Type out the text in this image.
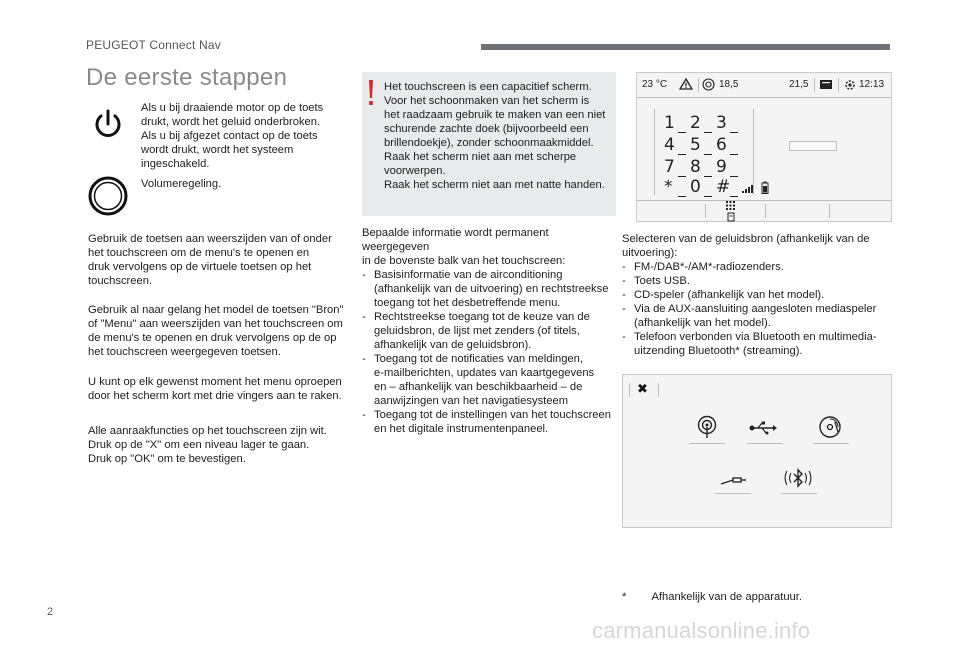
PEUGEOT Connect Nav
De eerste stappen
Als u bij draaiende motor op de toets
drukt, wordt het geluid onderbroken.
Als u bij afgezet contact op de toets
wordt drukt, wordt het systeem
ingeschakeld.
Volumeregeling.
Gebruik de toetsen aan weerszijden van of onder
het touchscreen om de menu's te openen en
druk vervolgens op de virtuele toetsen op het
touchscreen.
Gebruik al naar gelang het model de toetsen "Bron"
of "Menu" aan weerszijden van het touchscreen om
de menu's te openen en druk vervolgens op de op
het touchscreen weergegeven toetsen.
U kunt op elk gewenst moment het menu oproepen
door het scherm kort met drie vingers aan te raken.
Alle aanraakfuncties op het touchscreen zijn wit.
Druk op de "X" om een niveau lager te gaan.
Druk op "OK" om te bevestigen.
Het touchscreen is een capacitief scherm.
Voor het schoonmaken van het scherm is
het raadzaam gebruik te maken van een niet
schurende zachte doek (bijvoorbeeld een
brillendoekje), zonder schoonmaakmiddel.
Raak het scherm niet aan met scherpe
voorwerpen.
Raak het scherm niet aan met natte handen.
Bepaalde informatie wordt permanent weergegeven
in de bovenste balk van het touchscreen:
- Basisinformatie van de airconditioning
(afhankelijk van de uitvoering) en rechtstreekse
toegang tot het desbetreffende menu.
- Rechtstreekse toegang tot de keuze van de
geluidsbron, de lijst met zenders (of titels,
afhankelijk van de geluidsbron).
- Toegang tot de notificaties van meldingen,
e-mailberichten, updates van kaartgegevens
en – afhankelijk van beschikbaarheid – de
aanwijzingen van het navigatiesysteem
- Toegang tot de instellingen van het touchscreen
en het digitale instrumentenpaneel.
23 °C	18,5	21,5	12:13
1 2 3
4 5 6
7 8 9
* 0 #
Selecteren van de geluidsbron (afhankelijk van de
uitvoering):
- FM-/DAB*-/AM*-radiozenders.
- Toets USB.
- CD-speler (afhankelijk van het model).
- Via de AUX-aansluiting aangesloten mediaspeler
(afhankelijk van het model).
- Telefoon verbonden via Bluetooth en multimedia-
uitzending Bluetooth* (streaming).
✖
* Afhankelijk van de apparatuur.
2
carmanualsonline.info
